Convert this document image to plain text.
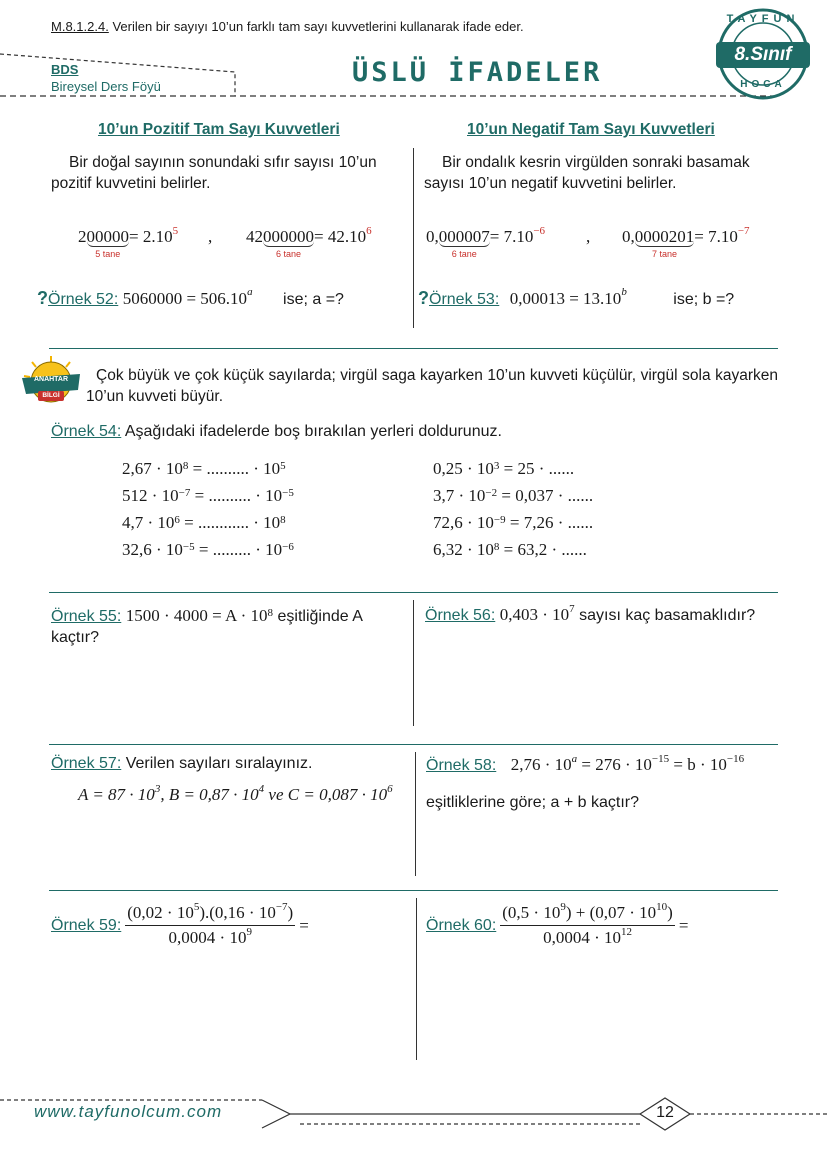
M.8.1.2.4. Verilen bir sayıyı 10’un farklı tam sayı kuvvetlerini kullanarak ifade eder.
BDS
Bireysel Ders Föyü	ÜSLÜ İFADELER
TAYFUN
8.Sınıf
HOCA
10’un Pozitif Tam Sayı Kuvvetleri	10’un Negatif Tam Sayı Kuvvetleri
Bir doğal sayının sonundaki sıfır sayısı 10’un pozitif kuvvetini belirler.
Bir ondalık kesrin virgülden sonraki basamak sayısı 10’un negatif kuvvetini belirler.
200000
5 tane
= $2.10^5$ , 42000000
6 tane
= $42.10^6$	0,000007
6 tane
= $7.10^{-6}$ , 0,0000201
7 tane
= $7.10^{-7}$
?Örnek 52: 5060000 = 506.10$^a$ ise; a =?	?Örnek 53: 0,00013 = 13.10$^b$	ise; b =?
ANAHTAR
BİLGİ
Çok büyük ve çok küçük sayılarda; virgül saga kayarken 10’un kuvveti küçülür, virgül sola kayarken 10’un kuvveti büyür.
Örnek 54: Aşağıdaki ifadelerde boş bırakılan yerleri doldurunuz.
$2,67 \cdot 10^8$ = .......... · $10^5$
$512 \cdot 10^{-7}$ = .......... · $10^{-5}$
$4,7 \cdot 10^6$ = ............ · $10^8$
$32,6 \cdot 10^{-5}$ = ......... · $10^{-6}$
$0,25 \cdot 10^3 = 25$ · ......
$3,7 \cdot 10^{-2} = 0,037$ · ......
$72,6 \cdot 10^{-9} = 7,26$ · ......
$6,32 \cdot 10^8 = 63,2$ · ......
Örnek 55: $1500 \cdot 4000 = A \cdot 10^8$ eşitliğinde A kaçtır?
Örnek 56: $0,403 \cdot 10^7$ sayısı kaç basamaklıdır?
Örnek 57: Verilen sayıları sıralayınız.
$A = 87 \cdot 10^3$, $B = 0,87 \cdot 10^4$ ve $C = 0,087 \cdot 10^6$
Örnek 58: $2,76 \cdot 10^a = 276 \cdot 10^{-15} = b \cdot 10^{-16}$
eşitliklerine göre; a + b kaçtır?
Örnek 59: $\frac{(0,02 \cdot 10^5).(0,16 \cdot 10^{-7})}{0,0004 \cdot 10^9}$ =	Örnek 60: $\frac{(0,5 \cdot 10^9) + (0,07 \cdot 10^{10})}{0,0004 \cdot 10^{12}}$ =
www.tayfunolcum.com	12
